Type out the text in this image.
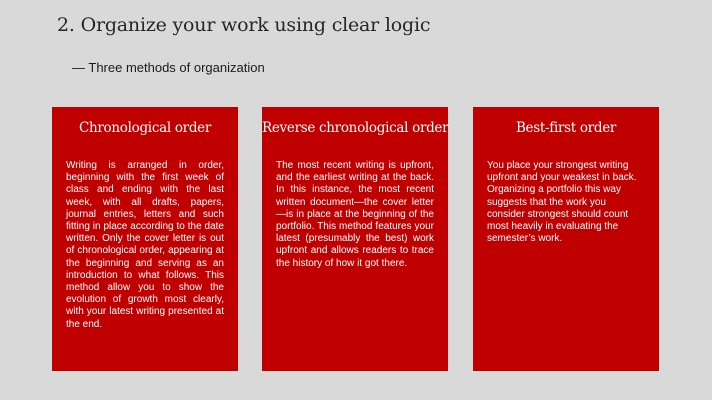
2. Organize your work using clear logic

— Three methods of organization

Chronological order

Writing is arranged in order, beginning with the first week of class and ending with the last week, with all drafts, papers, journal entries, letters and such fitting in place according to the date written. Only the cover letter is out of chronological order, appearing at the beginning and serving as an introduction to what follows. This method allow you to show the evolution of growth most clearly, with your latest writing presented at the end.

Reverse chronological order

The most recent writing is upfront, and the earliest writing at the back. In this instance, the most recent written document—the cover letter—is in place at the beginning of the portfolio. This method features your latest (presumably the best) work upfront and allows readers to trace the history of how it got there.

Best-first order

You place your strongest writing upfront and your weakest in back. Organizing a portfolio this way suggests that the work you consider strongest should count most heavily in evaluating the semester’s work.
